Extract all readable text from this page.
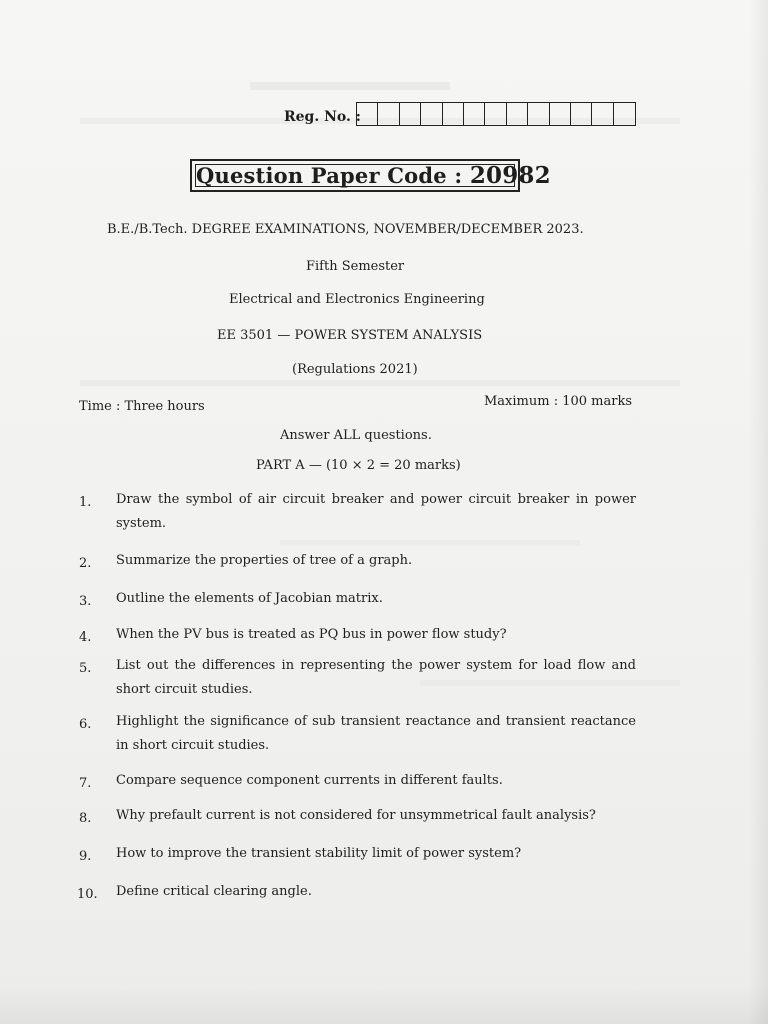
Reg. No. :
Question Paper Code : 20982
B.E./B.Tech. DEGREE EXAMINATIONS, NOVEMBER/DECEMBER 2023.
Fifth Semester
Electrical and Electronics Engineering
EE 3501 — POWER SYSTEM ANALYSIS
(Regulations 2021)
Time : Three hours	Maximum : 100 marks
Answer ALL questions.
PART A — (10 × 2 = 20 marks)
1. Draw the symbol of air circuit breaker and power circuit breaker in power system.
2. Summarize the properties of tree of a graph.
3. Outline the elements of Jacobian matrix.
4. When the PV bus is treated as PQ bus in power flow study?
5. List out the differences in representing the power system for load flow and short circuit studies.
6. Highlight the significance of sub transient reactance and transient reactance in short circuit studies.
7. Compare sequence component currents in different faults.
8. Why prefault current is not considered for unsymmetrical fault analysis?
9. How to improve the transient stability limit of power system?
10. Define critical clearing angle.
